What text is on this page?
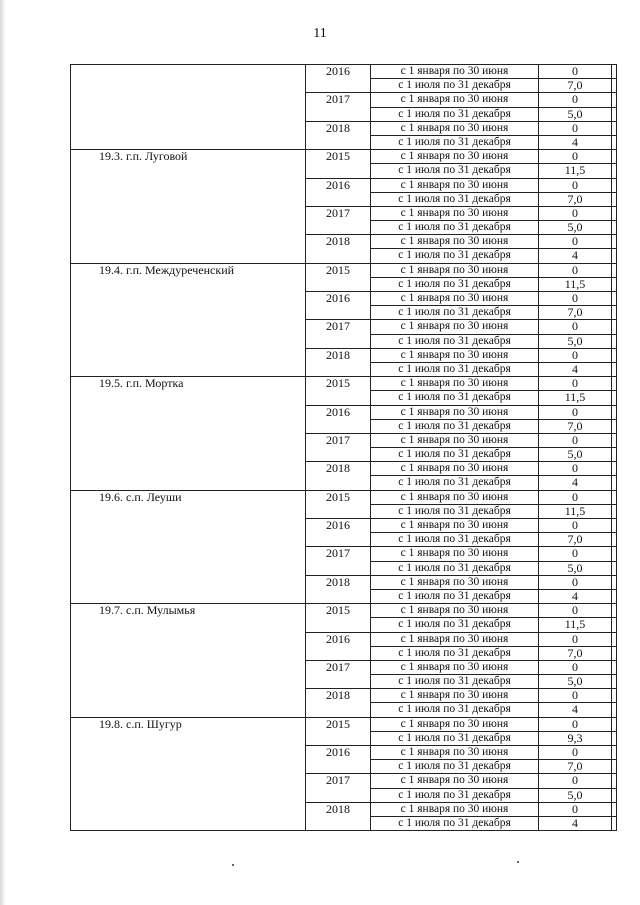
11
	2016	с 1 января по 30 июня	0	
		с 1 июля по 31 декабря	7,0	
	2017	с 1 января по 30 июня	0	
		с 1 июля по 31 декабря	5,0	
	2018	с 1 января по 30 июня	0	
		с 1 июля по 31 декабря	4	
19.3. г.п. Луговой	2015	с 1 января по 30 июня	0	
		с 1 июля по 31 декабря	11,5	
	2016	с 1 января по 30 июня	0	
		с 1 июля по 31 декабря	7,0	
	2017	с 1 января по 30 июня	0	
		с 1 июля по 31 декабря	5,0	
	2018	с 1 января по 30 июня	0	
		с 1 июля по 31 декабря	4	
19.4. г.п. Междуреченский	2015	с 1 января по 30 июня	0	
		с 1 июля по 31 декабря	11,5	
	2016	с 1 января по 30 июня	0	
		с 1 июля по 31 декабря	7,0	
	2017	с 1 января по 30 июня	0	
		с 1 июля по 31 декабря	5,0	
	2018	с 1 января по 30 июня	0	
		с 1 июля по 31 декабря	4	
19.5. г.п. Мортка	2015	с 1 января по 30 июня	0	
		с 1 июля по 31 декабря	11,5	
	2016	с 1 января по 30 июня	0	
		с 1 июля по 31 декабря	7,0	
	2017	с 1 января по 30 июня	0	
		с 1 июля по 31 декабря	5,0	
	2018	с 1 января по 30 июня	0	
		с 1 июля по 31 декабря	4	
19.6. с.п. Леуши	2015	с 1 января по 30 июня	0	
		с 1 июля по 31 декабря	11,5	
	2016	с 1 января по 30 июня	0	
		с 1 июля по 31 декабря	7,0	
	2017	с 1 января по 30 июня	0	
		с 1 июля по 31 декабря	5,0	
	2018	с 1 января по 30 июня	0	
		с 1 июля по 31 декабря	4	
19.7. с.п. Мулымья	2015	с 1 января по 30 июня	0	
		с 1 июля по 31 декабря	11,5	
	2016	с 1 января по 30 июня	0	
		с 1 июля по 31 декабря	7,0	
	2017	с 1 января по 30 июня	0	
		с 1 июля по 31 декабря	5,0	
	2018	с 1 января по 30 июня	0	
		с 1 июля по 31 декабря	4	
19.8. с.п. Шугур	2015	с 1 января по 30 июня	0	
		с 1 июля по 31 декабря	9,3	
	2016	с 1 января по 30 июня	0	
		с 1 июля по 31 декабря	7,0	
	2017	с 1 января по 30 июня	0	
		с 1 июля по 31 декабря	5,0	
	2018	с 1 января по 30 июня	0	
		с 1 июля по 31 декабря	4	
